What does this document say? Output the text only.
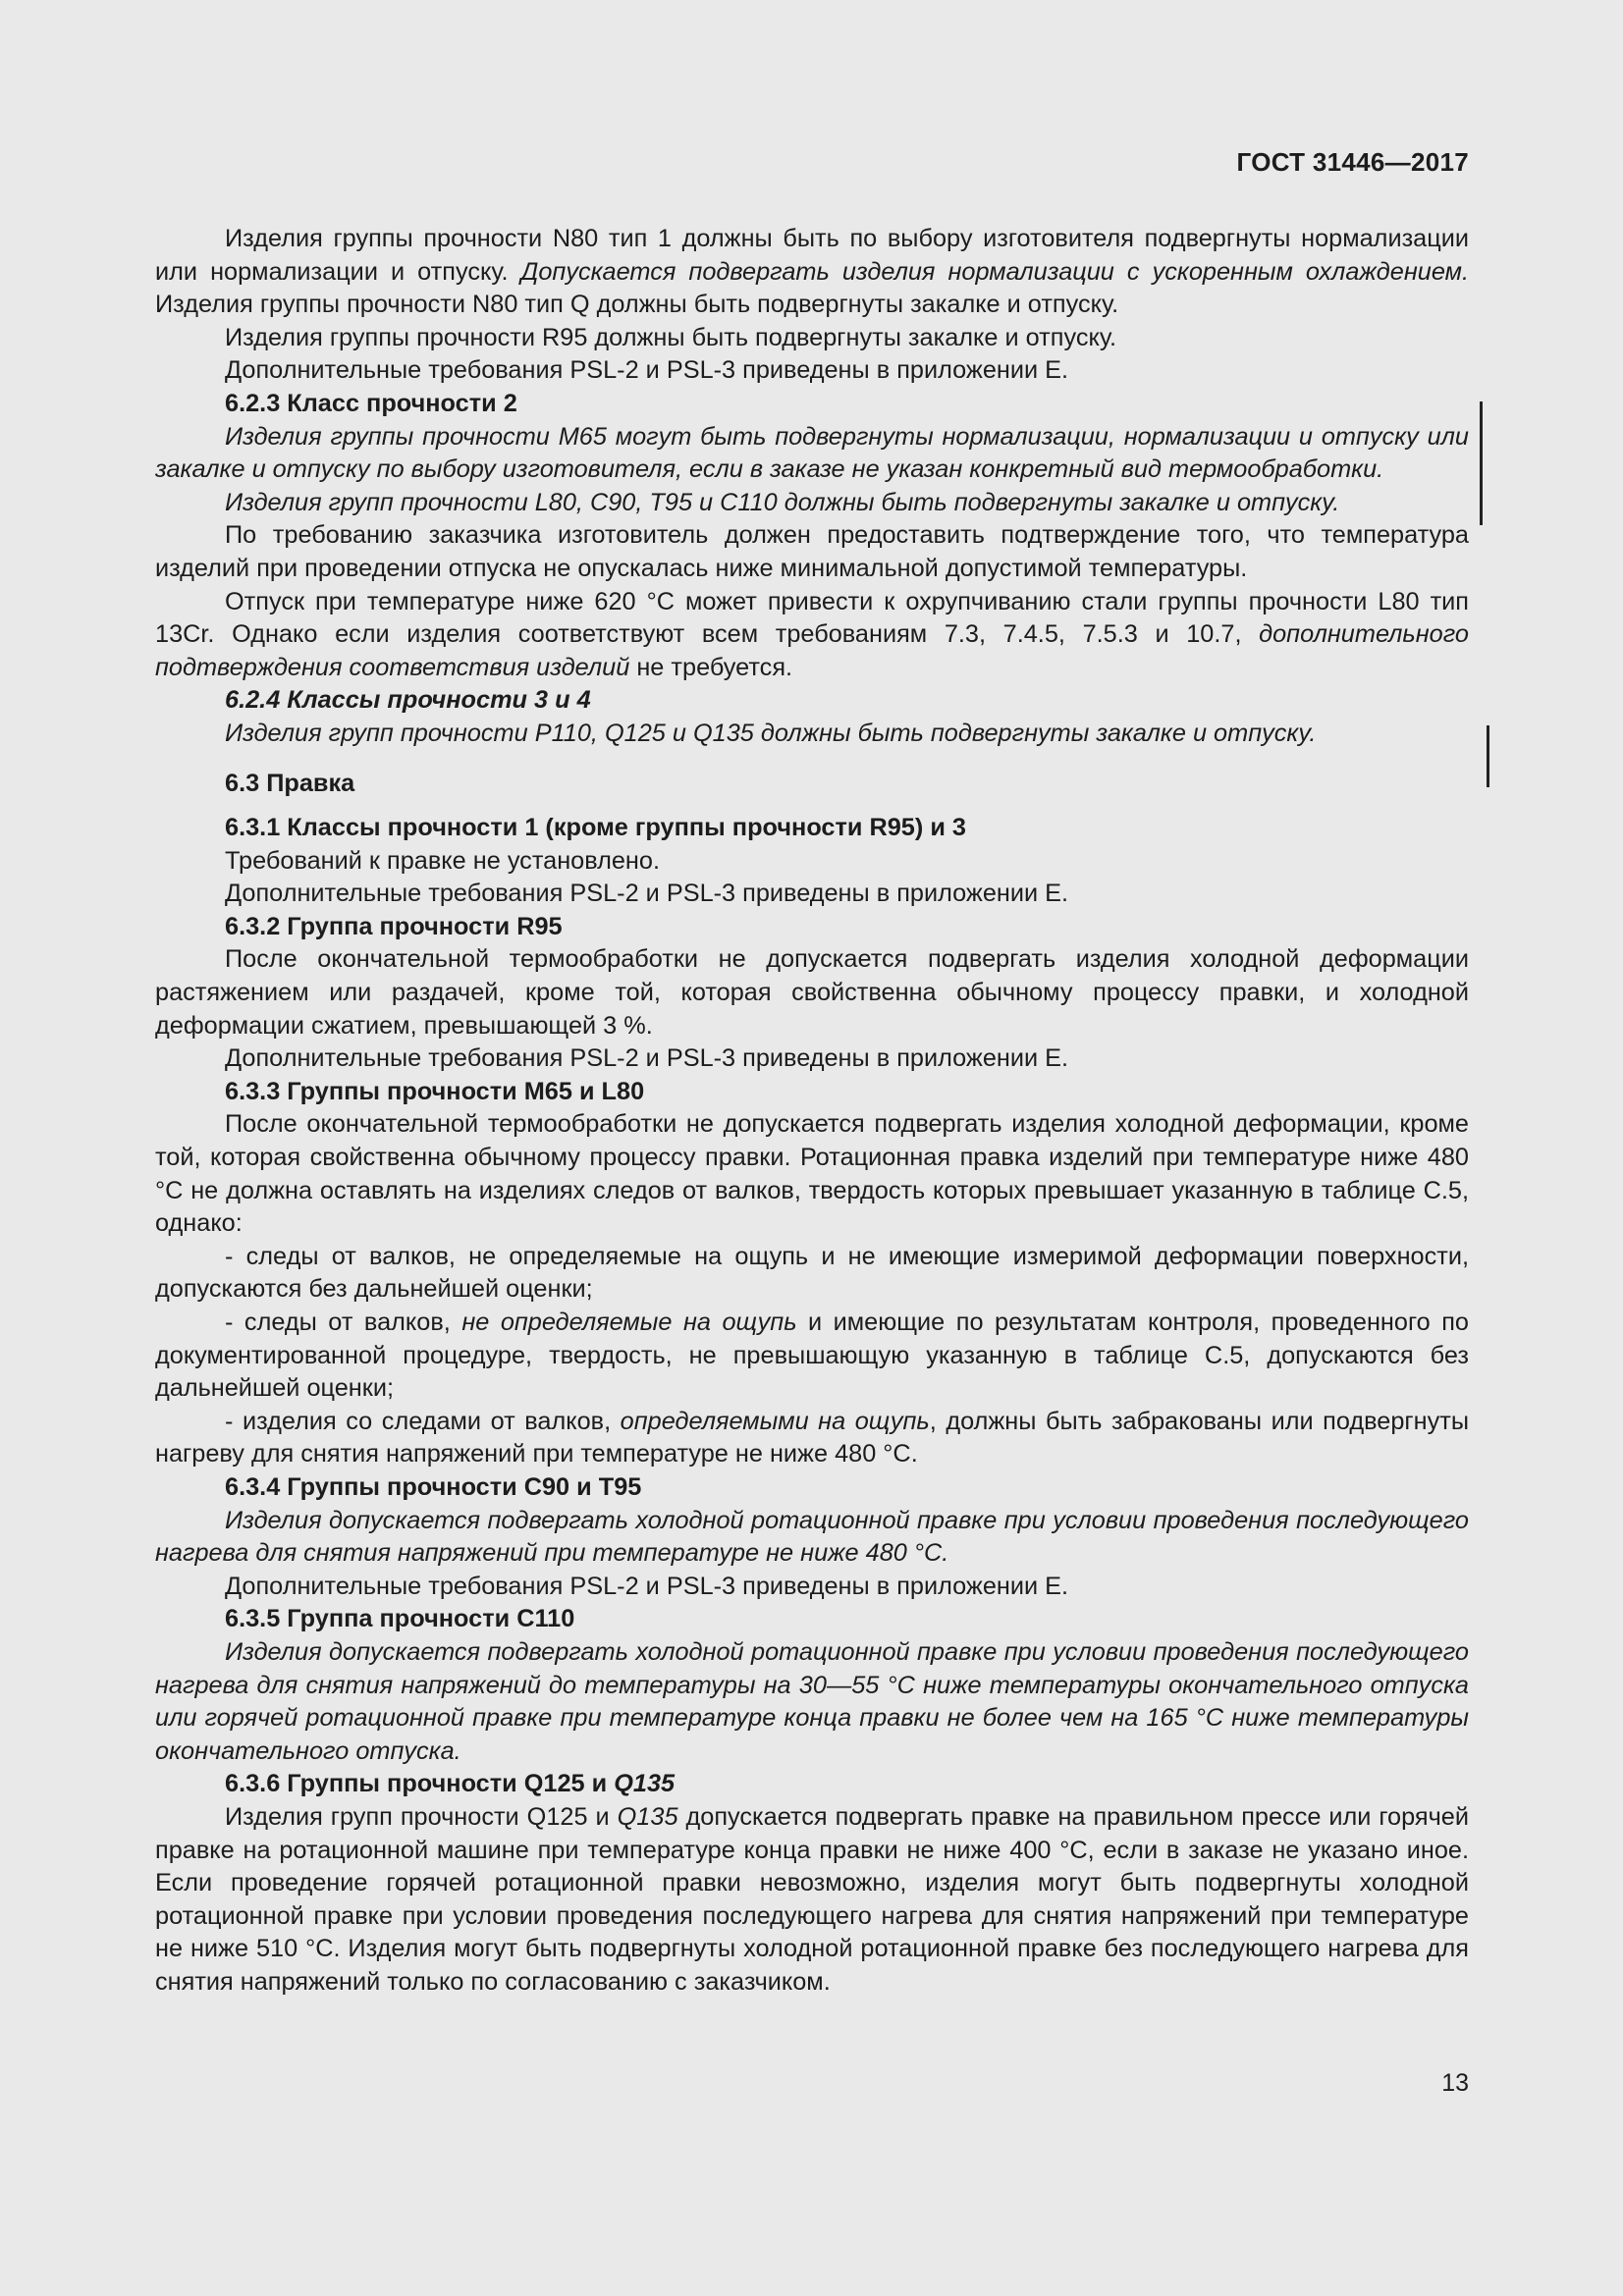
ГОСТ 31446—2017

Изделия группы прочности N80 тип 1 должны быть по выбору изготовителя подвергнуты нормализации или нормализации и отпуску. Допускается подвергать изделия нормализации с ускоренным охлаждением. Изделия группы прочности N80 тип Q должны быть подвергнуты закалке и отпуску.

Изделия группы прочности R95 должны быть подвергнуты закалке и отпуску.

Дополнительные требования PSL-2 и PSL-3 приведены в приложении Е.

6.2.3 Класс прочности 2

Изделия группы прочности M65 могут быть подвергнуты нормализации, нормализации и отпуску или закалке и отпуску по выбору изготовителя, если в заказе не указан конкретный вид термообработки.

Изделия групп прочности L80, C90, T95 и C110 должны быть подвергнуты закалке и отпуску.

По требованию заказчика изготовитель должен предоставить подтверждение того, что температура изделий при проведении отпуска не опускалась ниже минимальной допустимой температуры.

Отпуск при температуре ниже 620 °С может привести к охрупчиванию стали группы прочности L80 тип 13Cr. Однако если изделия соответствуют всем требованиям 7.3, 7.4.5, 7.5.3 и 10.7, дополнительного подтверждения соответствия изделий не требуется.

6.2.4 Классы прочности 3 и 4

Изделия групп прочности P110, Q125 и Q135 должны быть подвергнуты закалке и отпуску.

6.3 Правка

6.3.1 Классы прочности 1 (кроме группы прочности R95) и 3

Требований к правке не установлено.

Дополнительные требования PSL-2 и PSL-3 приведены в приложении Е.

6.3.2 Группа прочности R95

После окончательной термообработки не допускается подвергать изделия холодной деформации растяжением или раздачей, кроме той, которая свойственна обычному процессу правки, и холодной деформации сжатием, превышающей 3 %.

Дополнительные требования PSL-2 и PSL-3 приведены в приложении Е.

6.3.3 Группы прочности M65 и L80

После окончательной термообработки не допускается подвергать изделия холодной деформации, кроме той, которая свойственна обычному процессу правки. Ротационная правка изделий при температуре ниже 480 °С не должна оставлять на изделиях следов от валков, твердость которых превышает указанную в таблице С.5, однако:

- следы от валков, не определяемые на ощупь и не имеющие измеримой деформации поверхности, допускаются без дальнейшей оценки;

- следы от валков, не определяемые на ощупь и имеющие по результатам контроля, проведенного по документированной процедуре, твердость, не превышающую указанную в таблице С.5, допускаются без дальнейшей оценки;

- изделия со следами от валков, определяемыми на ощупь, должны быть забракованы или подвергнуты нагреву для снятия напряжений при температуре не ниже 480 °С.

6.3.4 Группы прочности C90 и T95

Изделия допускается подвергать холодной ротационной правке при условии проведения последующего нагрева для снятия напряжений при температуре не ниже 480 °С.

Дополнительные требования PSL-2 и PSL-3 приведены в приложении Е.

6.3.5 Группа прочности C110

Изделия допускается подвергать холодной ротационной правке при условии проведения последующего нагрева для снятия напряжений до температуры на 30—55 °С ниже температуры окончательного отпуска или горячей ротационной правке при температуре конца правки не более чем на 165 °С ниже температуры окончательного отпуска.

6.3.6 Группы прочности Q125 и Q135

Изделия групп прочности Q125 и Q135 допускается подвергать правке на правильном прессе или горячей правке на ротационной машине при температуре конца правки не ниже 400 °С, если в заказе не указано иное. Если проведение горячей ротационной правки невозможно, изделия могут быть подвергнуты холодной ротационной правке при условии проведения последующего нагрева для снятия напряжений при температуре не ниже 510 °С. Изделия могут быть подвергнуты холодной ротационной правке без последующего нагрева для снятия напряжений только по согласованию с заказчиком.

13
